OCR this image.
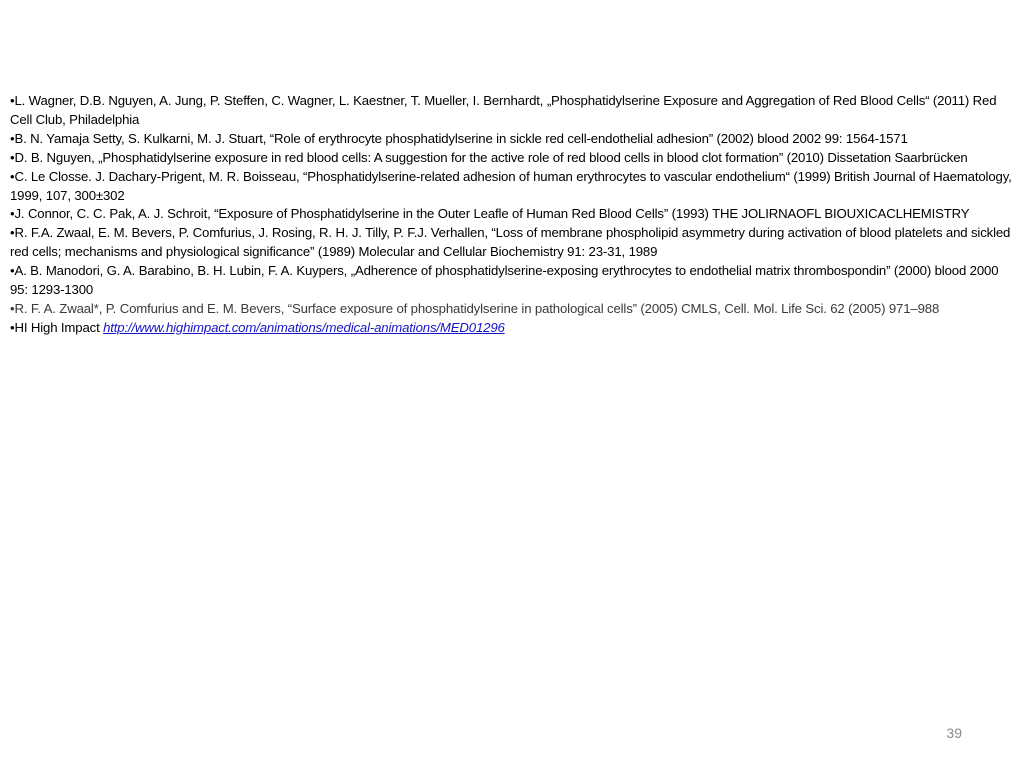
•L. Wagner, D.B. Nguyen, A. Jung, P. Steffen, C. Wagner, L. Kaestner, T. Mueller, I. Bernhardt, „Phosphatidylserine Exposure and Aggregation of Red Blood Cells“ (2011) Red Cell Club, Philadelphia

•B. N. Yamaja Setty, S. Kulkarni, M. J. Stuart, “Role of erythrocyte phosphatidylserine in sickle red cell-endothelial adhesion” (2002) blood 2002 99: 1564-1571

•D. B. Nguyen, „Phosphatidylserine exposure in red blood cells: A suggestion for the active role of red blood cells in blood clot formation” (2010) Dissetation Saarbrücken

•C. Le Closse. J. Dachary-Prigent, M. R. Boisseau, “Phosphatidylserine-related adhesion of human erythrocytes to vascular endothelium“ (1999) British Journal of Haematology, 1999, 107, 300±302

•J. Connor, C. C. Pak, A. J. Schroit, “Exposure of Phosphatidylserine in the Outer Leafle of Human Red Blood Cells” (1993) THE JOLIRNAOFL BIOUXICACLHEMISTRY

•R. F.A. Zwaal, E. M. Bevers, P. Comfurius, J. Rosing, R. H. J. Tilly, P. F.J. Verhallen, “Loss of membrane phospholipid asymmetry during activation of blood platelets and sickled red cells; mechanisms and physiological significance” (1989) Molecular and Cellular Biochemistry 91: 23-31, 1989

•A. B. Manodori, G. A. Barabino, B. H. Lubin, F. A. Kuypers, „Adherence of phosphatidylserine-exposing erythrocytes to endothelial matrix thrombospondin” (2000) blood 2000 95: 1293-1300

•R. F. A. Zwaal*, P. Comfurius and E. M. Bevers, “Surface exposure of phosphatidylserine in pathological cells” (2005) CMLS, Cell. Mol. Life Sci. 62 (2005) 971–988

•HI High Impact http://www.highimpact.com/animations/medical-animations/MED01296

39
